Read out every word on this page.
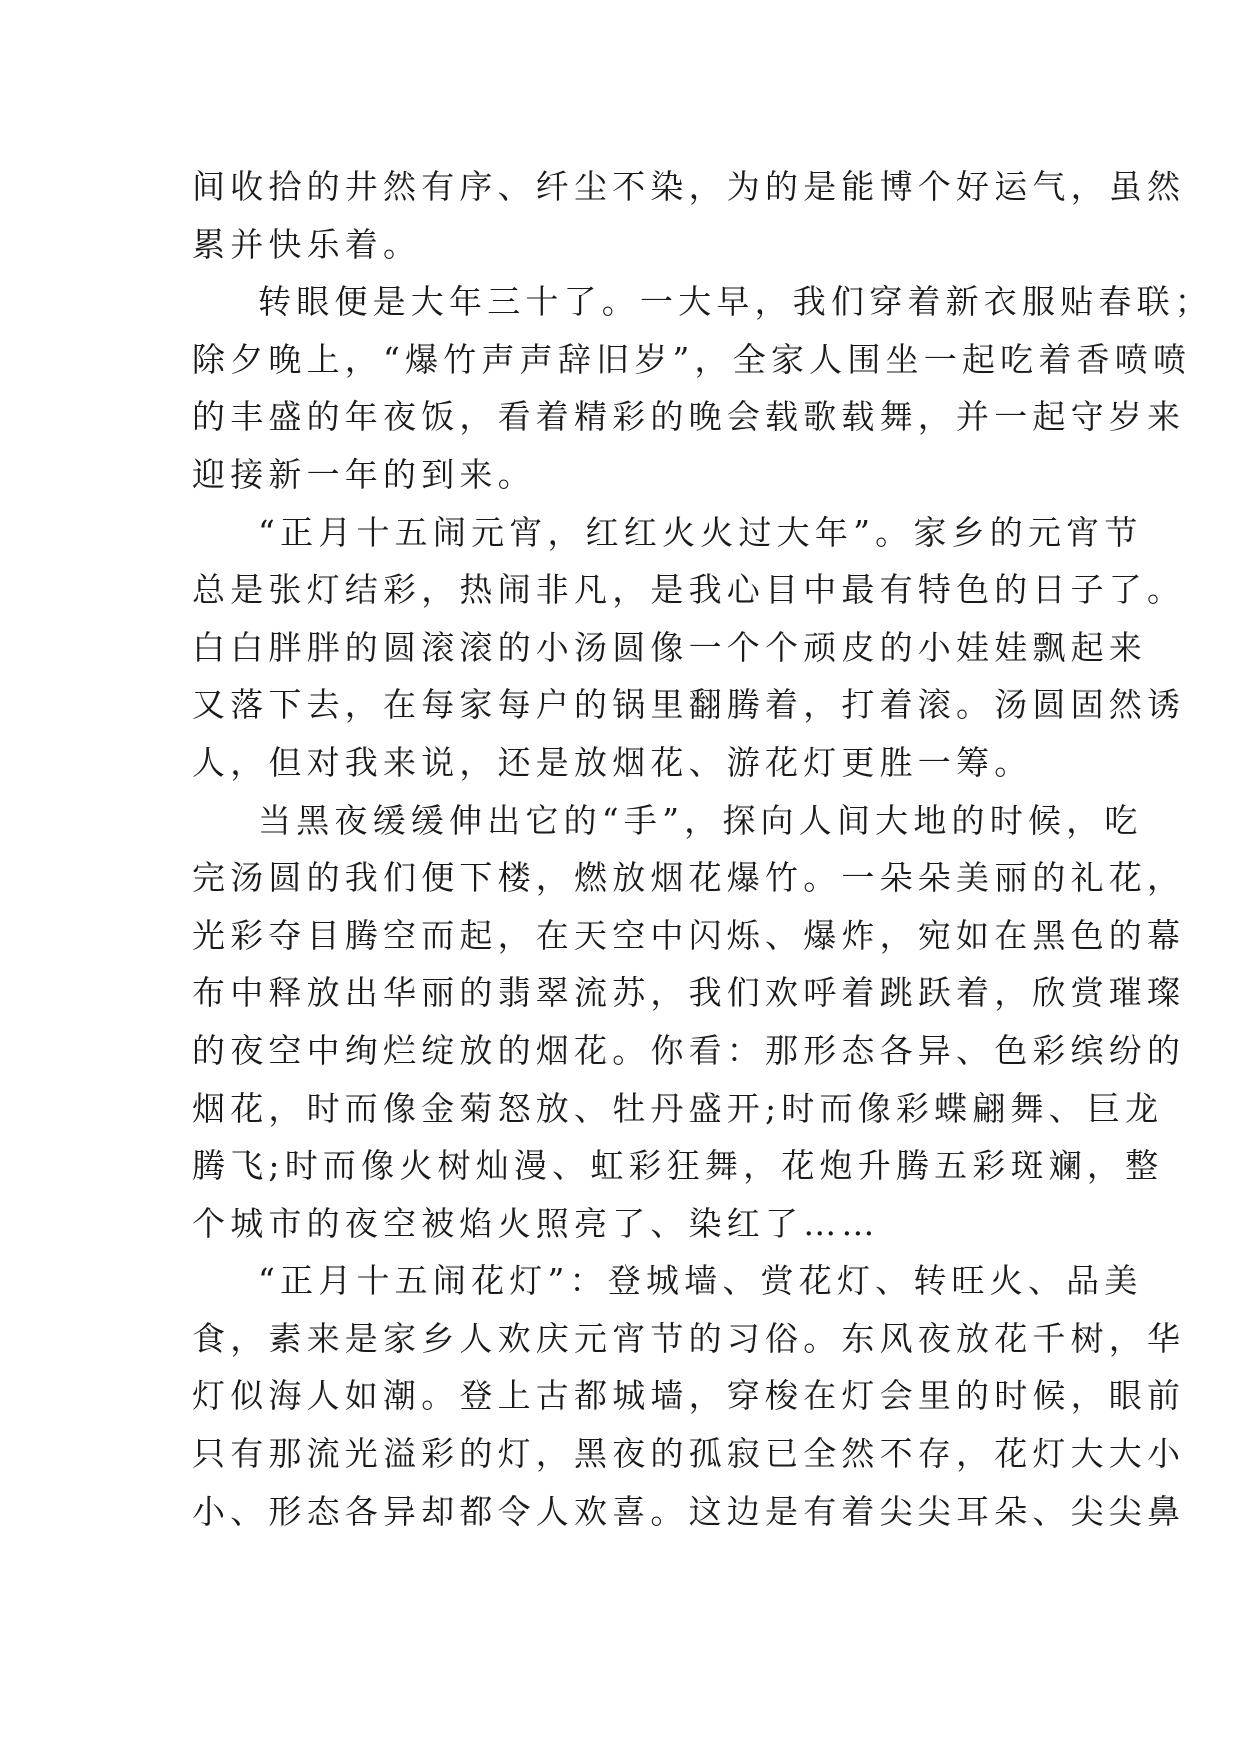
间收拾的井然有序、纤尘不染，为的是能博个好运气，虽然
累并快乐着。
转眼便是大年三十了。一大早，我们穿着新衣服贴春联；
除夕晚上，“爆竹声声辞旧岁”，全家人围坐一起吃着香喷喷
的丰盛的年夜饭，看着精彩的晚会载歌载舞，并一起守岁来
迎接新一年的到来。
“正月十五闹元宵，红红火火过大年”。家乡的元宵节
总是张灯结彩，热闹非凡，是我心目中最有特色的日子了。
白白胖胖的圆滚滚的小汤圆像一个个顽皮的小娃娃飘起来
又落下去，在每家每户的锅里翻腾着，打着滚。汤圆固然诱
人，但对我来说，还是放烟花、游花灯更胜一筹。
当黑夜缓缓伸出它的“手”，探向人间大地的时候，吃
完汤圆的我们便下楼，燃放烟花爆竹。一朵朵美丽的礼花，
光彩夺目腾空而起，在天空中闪烁、爆炸，宛如在黑色的幕
布中释放出华丽的翡翠流苏，我们欢呼着跳跃着，欣赏璀璨
的夜空中绚烂绽放的烟花。你看：那形态各异、色彩缤纷的
烟花，时而像金菊怒放、牡丹盛开;时而像彩蝶翩舞、巨龙
腾飞;时而像火树灿漫、虹彩狂舞，花炮升腾五彩斑斓，整
个城市的夜空被焰火照亮了、染红了……
“正月十五闹花灯”：登城墙、赏花灯、转旺火、品美
食，素来是家乡人欢庆元宵节的习俗。东风夜放花千树，华
灯似海人如潮。登上古都城墙，穿梭在灯会里的时候，眼前
只有那流光溢彩的灯，黑夜的孤寂已全然不存，花灯大大小
小、形态各异却都令人欢喜。这边是有着尖尖耳朵、尖尖鼻
